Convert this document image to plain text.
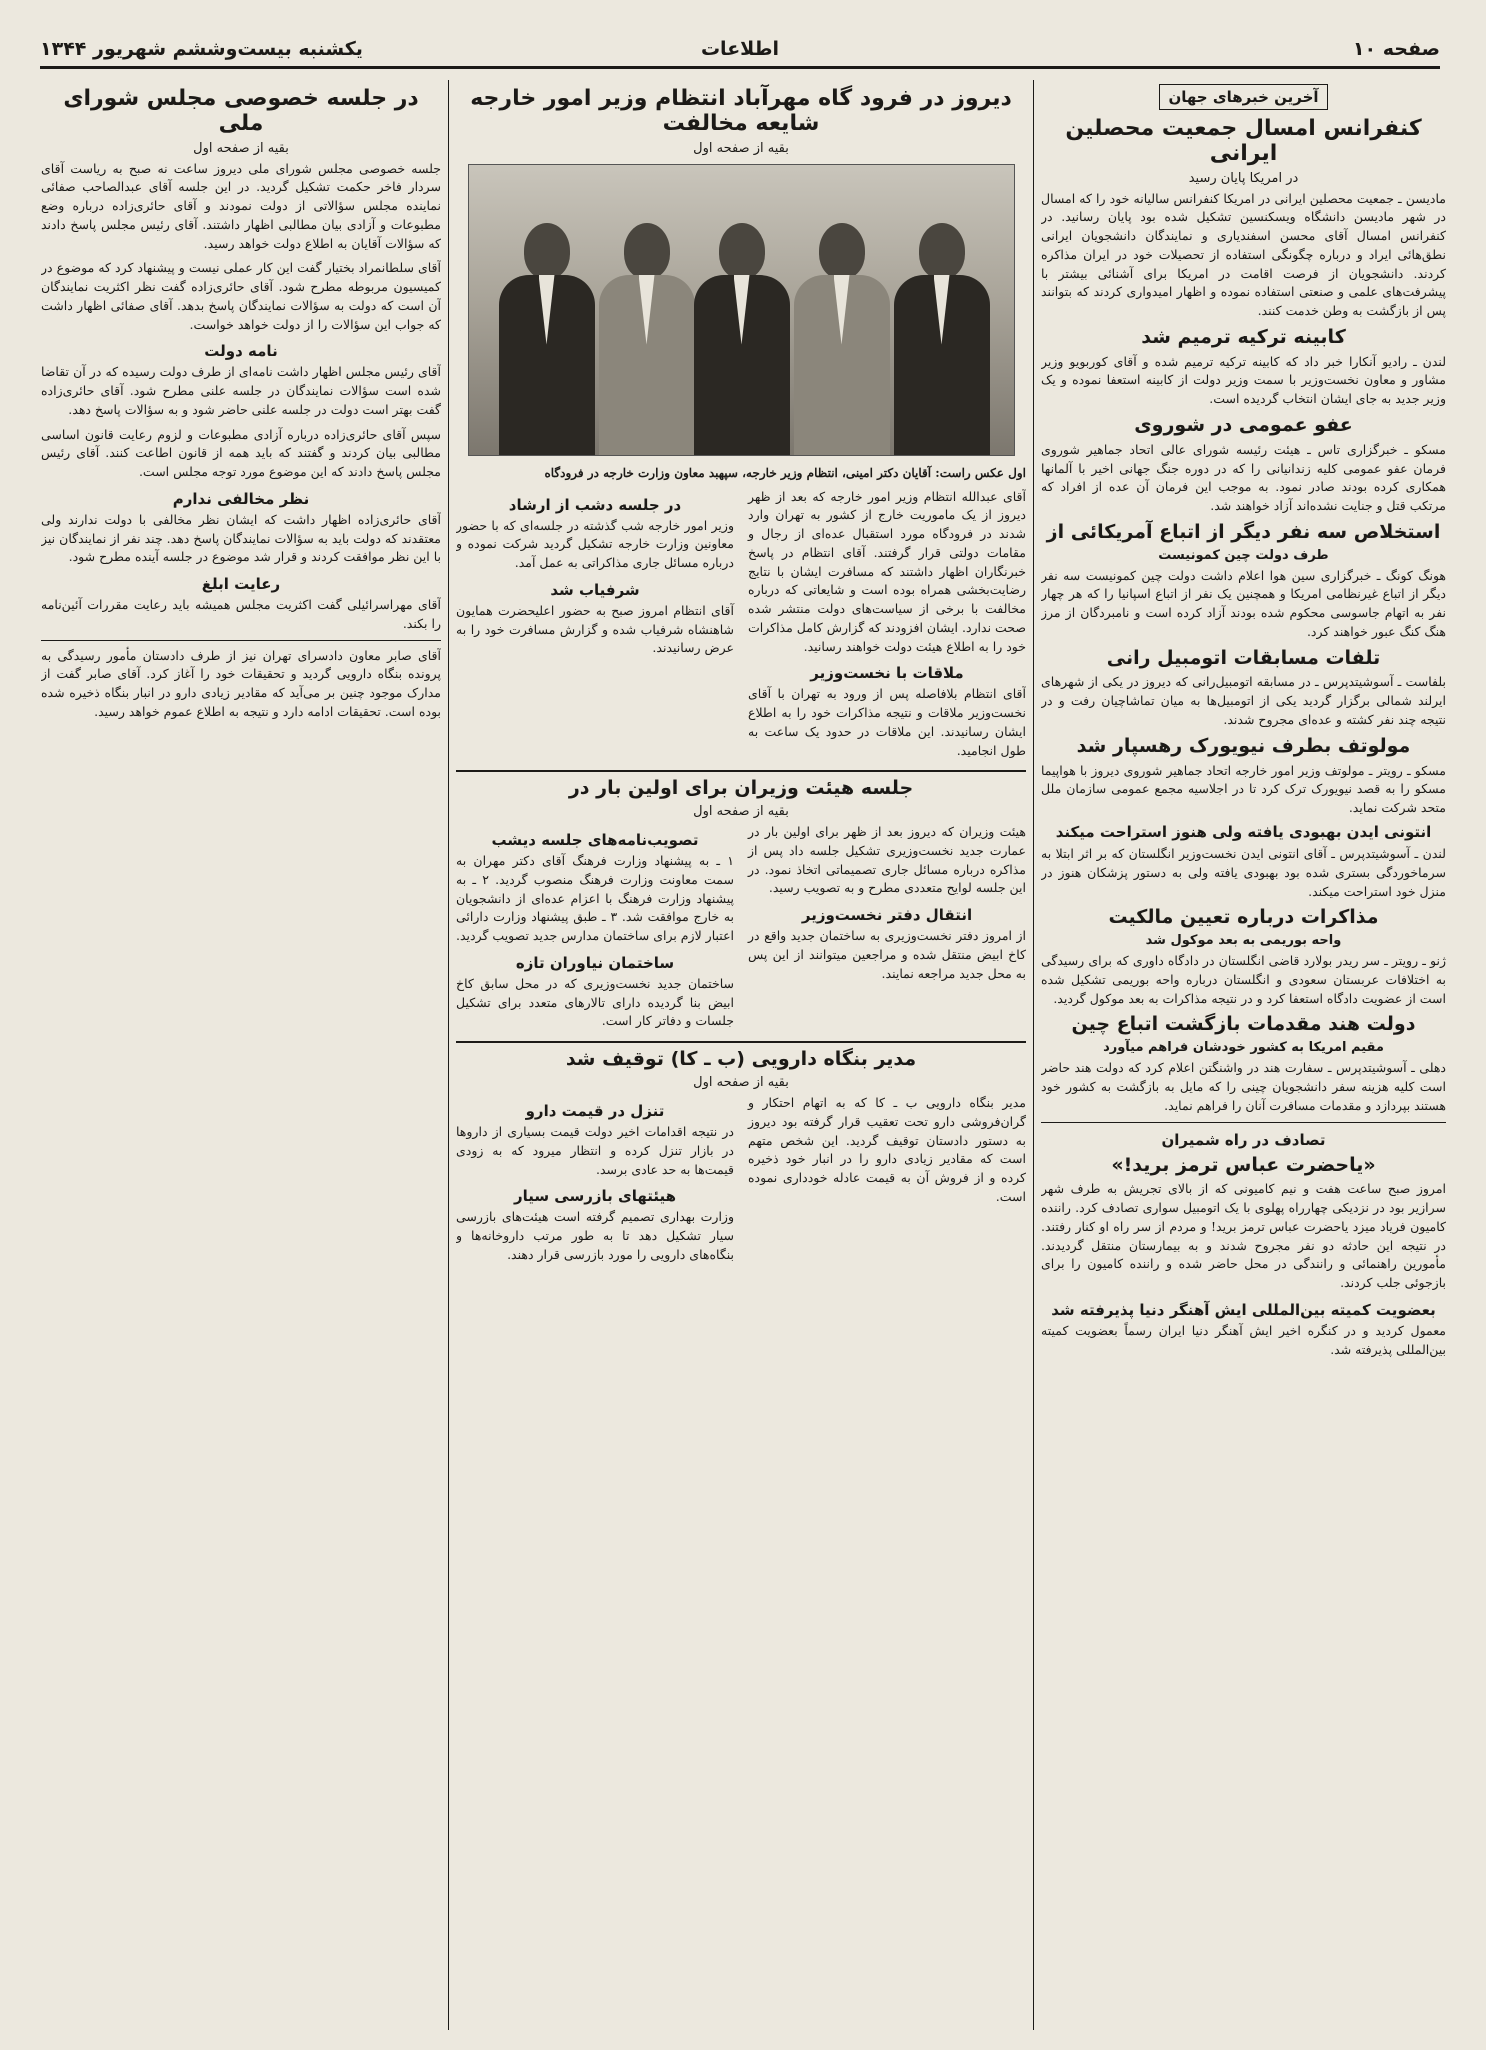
صفحه ۱۰
اطلاعات
یکشنبه بیست‌وششم شهریور ۱۳۴۴
آخرین خبرهای جهان
کنفرانس امسال جمعیت محصلین ایرانی
در امریکا پایان رسید

مادیسن ـ جمعیت محصلین ایرانی در امریکا کنفرانس سالیانه خود را که امسال در شهر مادیسن دانشگاه ویسکنسین تشکیل شده بود پایان رسانید. در کنفرانس امسال آقای محسن اسفندیاری و نمایندگان دانشجویان ایرانی نطق‌هائی ایراد و درباره چگونگی استفاده از تحصیلات خود در ایران مذاکره کردند. دانشجویان از فرصت اقامت در امریکا برای آشنائی بیشتر با پیشرفت‌های علمی و صنعتی استفاده نموده و اظهار امیدواری کردند که بتوانند پس از بازگشت به وطن خدمت کنند.

کابینه ترکیه ترمیم شد

لندن ـ رادیو آنکارا خبر داد که کابینه ترکیه ترمیم شده و آقای کوربویو وزیر مشاور و معاون نخست‌وزیر با سمت وزیر دولت از کابینه استعفا نموده و یک وزیر جدید به جای ایشان انتخاب گردیده است.

عفو عمومی در شوروی

مسکو ـ خبرگزاری تاس ـ هیئت رئیسه شورای عالی اتحاد جماهیر شوروی فرمان عفو عمومی کلیه زندانیانی را که در دوره جنگ جهانی اخیر با آلمانها همکاری کرده بودند صادر نمود. به موجب این فرمان آن عده از افراد که مرتکب قتل و جنایت نشده‌اند آزاد خواهند شد.

استخلاص سه نفر دیگر از اتباع آمریکائی از
طرف دولت چین کمونیست

هونگ کونگ ـ خبرگزاری سین هوا اعلام داشت دولت چین کمونیست سه نفر دیگر از اتباع غیرنظامی امریکا و همچنین یک نفر از اتباع اسپانیا را که هر چهار نفر به اتهام جاسوسی محکوم شده بودند آزاد کرده است و نامبردگان از مرز هنگ کنگ عبور خواهند کرد.

تلفات مسابقات اتومبیل رانی

بلفاست ـ آسوشیتدپرس ـ در مسابقه اتومبیل‌رانی که دیروز در یکی از شهرهای ایرلند شمالی برگزار گردید یکی از اتومبیل‌ها به میان تماشاچیان رفت و در نتیجه چند نفر کشته و عده‌ای مجروح شدند.

مولوتف بطرف نیویورک رهسپار شد

مسکو ـ رویتر ـ مولوتف وزیر امور خارجه اتحاد جماهیر شوروی دیروز با هواپیما مسکو را به قصد نیویورک ترک کرد تا در اجلاسیه مجمع عمومی سازمان ملل متحد شرکت نماید.

انتونی ایدن بهبودی یافته ولی هنوز استراحت میکند

لندن ـ آسوشیتدپرس ـ آقای انتونی ایدن نخست‌وزیر انگلستان که بر اثر ابتلا به سرماخوردگی بستری شده بود بهبودی یافته ولی به دستور پزشکان هنوز در منزل خود استراحت میکند.

مذاکرات درباره تعیین مالکیت
واحه بوریمی به بعد موکول شد

ژنو ـ رویتر ـ سر ریدر بولارد قاضی انگلستان در دادگاه داوری که برای رسیدگی به اختلافات عربستان سعودی و انگلستان درباره واحه بوریمی تشکیل شده است از عضویت دادگاه استعفا کرد و در نتیجه مذاکرات به بعد موکول گردید.

دولت هند مقدمات بازگشت اتباع چین
مقیم امریکا به کشور خودشان فراهم میآورد

دهلی ـ آسوشیتدپرس ـ سفارت هند در واشنگتن اعلام کرد که دولت هند حاضر است کلیه هزینه سفر دانشجویان چینی را که مایل به بازگشت به کشور خود هستند بپردازد و مقدمات مسافرت آنان را فراهم نماید.

تصادف در راه شمیران
«یاحضرت عباس ترمز برید!»

امروز صبح ساعت هفت و نیم کامیونی که از بالای تجریش به طرف شهر سرازیر بود در نزدیکی چهارراه پهلوی با یک اتومبیل سواری تصادف کرد. راننده کامیون فریاد میزد یاحضرت عباس ترمز برید! و مردم از سر راه او کنار رفتند. در نتیجه این حادثه دو نفر مجروح شدند و به بیمارستان منتقل گردیدند. مأمورین راهنمائی و رانندگی در محل حاضر شده و راننده کامیون را برای بازجوئی جلب کردند.

بعضویت کمیته بین‌المللی ایش آهنگر دنیا پذیرفته شد

معمول کردید و در کنگره اخیر ایش آهنگر دنیا ایران رسماً بعضویت کمیته بین‌المللی پذیرفته شد.

دیروز در فرود گاه مهرآباد انتظام وزیر امور خارجه شایعه مخالفت
بقیه از صفحه اول

اول عکس راست: آقایان دکتر امینی، انتظام وزیر خارجه، سپهبد معاون وزارت خارجه در فرودگاه

آقای عبدالله انتظام وزیر امور خارجه که بعد از ظهر دیروز از یک ماموریت خارج از کشور به تهران وارد شدند در فرودگاه مورد استقبال عده‌ای از رجال و مقامات دولتی قرار گرفتند. آقای انتظام در پاسخ خبرنگاران اظهار داشتند که مسافرت ایشان با نتایج رضایت‌بخشی همراه بوده است و شایعاتی که درباره مخالفت با برخی از سیاست‌های دولت منتشر شده صحت ندارد. ایشان افزودند که گزارش کامل مذاکرات خود را به اطلاع هیئت دولت خواهند رسانید.

ملاقات با نخست‌وزیر

آقای انتظام بلافاصله پس از ورود به تهران با آقای نخست‌وزیر ملاقات و نتیجه مذاکرات خود را به اطلاع ایشان رسانیدند. این ملاقات در حدود یک ساعت به طول انجامید.

در جلسه دشب از ارشاد

وزیر امور خارجه شب گذشته در جلسه‌ای که با حضور معاونین وزارت خارجه تشکیل گردید شرکت نموده و درباره مسائل جاری مذاکراتی به عمل آمد.

شرفیاب شد

آقای انتظام امروز صبح به حضور اعلیحضرت همایون شاهنشاه شرفیاب شده و گزارش مسافرت خود را به عرض رسانیدند.

جلسه هیئت وزیران برای اولین بار در
بقیه از صفحه اول

هیئت وزیران که دیروز بعد از ظهر برای اولین بار در عمارت جدید نخست‌وزیری تشکیل جلسه داد پس از مذاکره درباره مسائل جاری تصمیماتی اتخاذ نمود. در این جلسه لوایح متعددی مطرح و به تصویب رسید.

انتقال دفتر نخست‌وزیر

از امروز دفتر نخست‌وزیری به ساختمان جدید واقع در کاخ ابیض منتقل شده و مراجعین میتوانند از این پس به محل جدید مراجعه نمایند.

تصویب‌نامه‌های جلسه دیشب

۱ ـ به پیشنهاد وزارت فرهنگ آقای دکتر مهران به سمت معاونت وزارت فرهنگ منصوب گردید. ۲ ـ به پیشنهاد وزارت فرهنگ با اعزام عده‌ای از دانشجویان به خارج موافقت شد. ۳ ـ طبق پیشنهاد وزارت دارائی اعتبار لازم برای ساختمان مدارس جدید تصویب گردید.

ساختمان نیاوران تازه

ساختمان جدید نخست‌وزیری که در محل سابق کاخ ابیض بنا گردیده دارای تالارهای متعدد برای تشکیل جلسات و دفاتر کار است.

مدیر بنگاه دارویی (ب ـ کا) توقیف شد
بقیه از صفحه اول

مدیر بنگاه دارویی ب ـ کا که به اتهام احتکار و گران‌فروشی دارو تحت تعقیب قرار گرفته بود دیروز به دستور دادستان توقیف گردید. این شخص متهم است که مقادیر زیادی دارو را در انبار خود ذخیره کرده و از فروش آن به قیمت عادله خودداری نموده است.

تنزل در قیمت دارو

در نتیجه اقدامات اخیر دولت قیمت بسیاری از داروها در بازار تنزل کرده و انتظار میرود که به زودی قیمت‌ها به حد عادی برسد.

هیئتهای بازرسی سیار

وزارت بهداری تصمیم گرفته است هیئت‌های بازرسی سیار تشکیل دهد تا به طور مرتب داروخانه‌ها و بنگاه‌های دارویی را مورد بازرسی قرار دهند.

در جلسه خصوصی مجلس شورای ملی
بقیه از صفحه اول

جلسه خصوصی مجلس شورای ملی دیروز ساعت نه صبح به ریاست آقای سردار فاخر حکمت تشکیل گردید. در این جلسه آقای عبدالصاحب صفائی نماینده مجلس سؤالاتی از دولت نمودند و آقای حائری‌زاده درباره وضع مطبوعات و آزادی بیان مطالبی اظهار داشتند. آقای رئیس مجلس پاسخ دادند که سؤالات آقایان به اطلاع دولت خواهد رسید.

آقای سلطانمراد بختیار گفت این کار عملی نیست و پیشنهاد کرد که موضوع در کمیسیون مربوطه مطرح شود. آقای حائری‌زاده گفت نظر اکثریت نمایندگان آن است که دولت به سؤالات نمایندگان پاسخ بدهد. آقای صفائی اظهار داشت که جواب این سؤالات را از دولت خواهد خواست.

نامه دولت

آقای رئیس مجلس اظهار داشت نامه‌ای از طرف دولت رسیده که در آن تقاضا شده است سؤالات نمایندگان در جلسه علنی مطرح شود. آقای حائری‌زاده گفت بهتر است دولت در جلسه علنی حاضر شود و به سؤالات پاسخ دهد.

سپس آقای حائری‌زاده درباره آزادی مطبوعات و لزوم رعایت قانون اساسی مطالبی بیان کردند و گفتند که باید همه از قانون اطاعت کنند. آقای رئیس مجلس پاسخ دادند که این موضوع مورد توجه مجلس است.

نظر مخالفی ندارم

آقای حائری‌زاده اظهار داشت که ایشان نظر مخالفی با دولت ندارند ولی معتقدند که دولت باید به سؤالات نمایندگان پاسخ دهد. چند نفر از نمایندگان نیز با این نظر موافقت کردند و قرار شد موضوع در جلسه آینده مطرح شود.

رعایت ابلغ

آقای مهراسرائیلی گفت اکثریت مجلس همیشه باید رعایت مقررات آئین‌نامه را بکند.

آقای صابر معاون دادسرای تهران نیز از طرف دادستان مأمور رسیدگی به پرونده بنگاه دارویی گردید و تحقیقات خود را آغاز کرد. آقای صابر گفت از مدارک موجود چنین بر می‌آید که مقادیر زیادی دارو در انبار بنگاه ذخیره شده بوده است. تحقیقات ادامه دارد و نتیجه به اطلاع عموم خواهد رسید.
